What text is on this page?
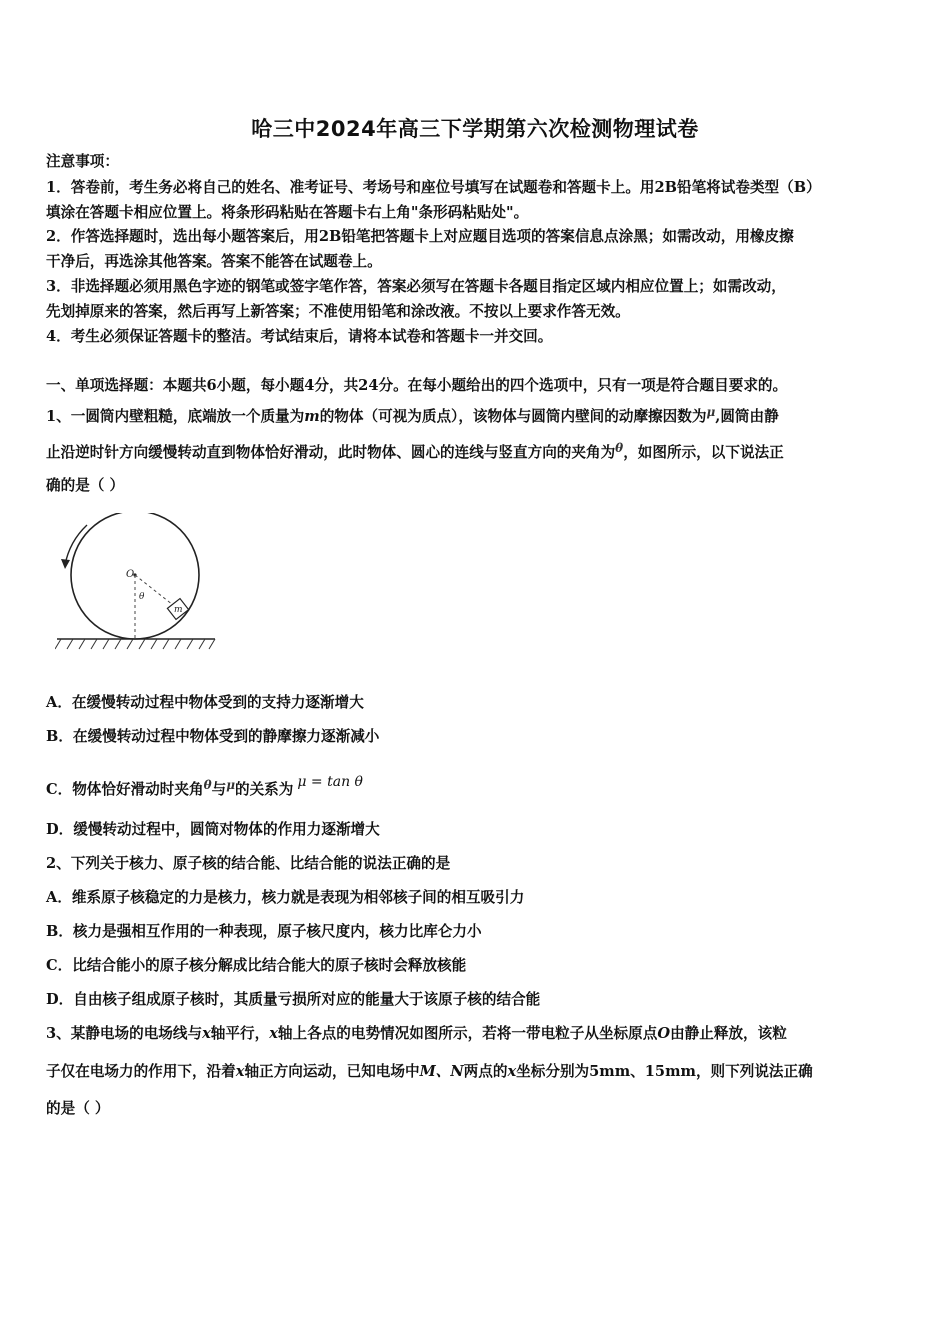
哈三中2024年高三下学期第六次检测物理试卷
注意事项：
1．答卷前，考生务必将自己的姓名、准考证号、考场号和座位号填写在试题卷和答题卡上。用2B铅笔将试卷类型（B）
填涂在答题卡相应位置上。将条形码粘贴在答题卡右上角"条形码粘贴处"。
2．作答选择题时，选出每小题答案后，用2B铅笔把答题卡上对应题目选项的答案信息点涂黑；如需改动，用橡皮擦
干净后，再选涂其他答案。答案不能答在试题卷上。
3．非选择题必须用黑色字迹的钢笔或签字笔作答，答案必须写在答题卡各题目指定区域内相应位置上；如需改动，
先划掉原来的答案，然后再写上新答案；不准使用铅笔和涂改液。不按以上要求作答无效。
4．考生必须保证答题卡的整洁。考试结束后，请将本试卷和答题卡一并交回。
一、单项选择题：本题共6小题，每小题4分，共24分。在每小题给出的四个选项中，只有一项是符合题目要求的。
1、一圆筒内壁粗糙，底端放一个质量为m的物体（可视为质点），该物体与圆筒内壁间的动摩擦因数为$^\mu$,圆筒由静
止沿逆时针方向缓慢转动直到物体恰好滑动，此时物体、圆心的连线与竖直方向的夹角为$^\theta$，如图所示，以下说法正
确的是（ ）
O
θ
m
A．在缓慢转动过程中物体受到的支持力逐渐增大
B．在缓慢转动过程中物体受到的静摩擦力逐渐减小
C．物体恰好滑动时夹角$^\theta$与$^\mu$的关系为 μ = tan θ
D．缓慢转动过程中，圆筒对物体的作用力逐渐增大
2、下列关于核力、原子核的结合能、比结合能的说法正确的是
A．维系原子核稳定的力是核力，核力就是表现为相邻核子间的相互吸引力
B．核力是强相互作用的一种表现，原子核尺度内，核力比库仑力小
C．比结合能小的原子核分解成比结合能大的原子核时会释放核能
D．自由核子组成原子核时，其质量亏损所对应的能量大于该原子核的结合能
3、某静电场的电场线与x轴平行，x轴上各点的电势情况如图所示，若将一带电粒子从坐标原点O由静止释放，该粒
子仅在电场力的作用下，沿着x轴正方向运动，已知电场中M、N两点的x坐标分别为5mm、15mm，则下列说法正确
的是（ ）
